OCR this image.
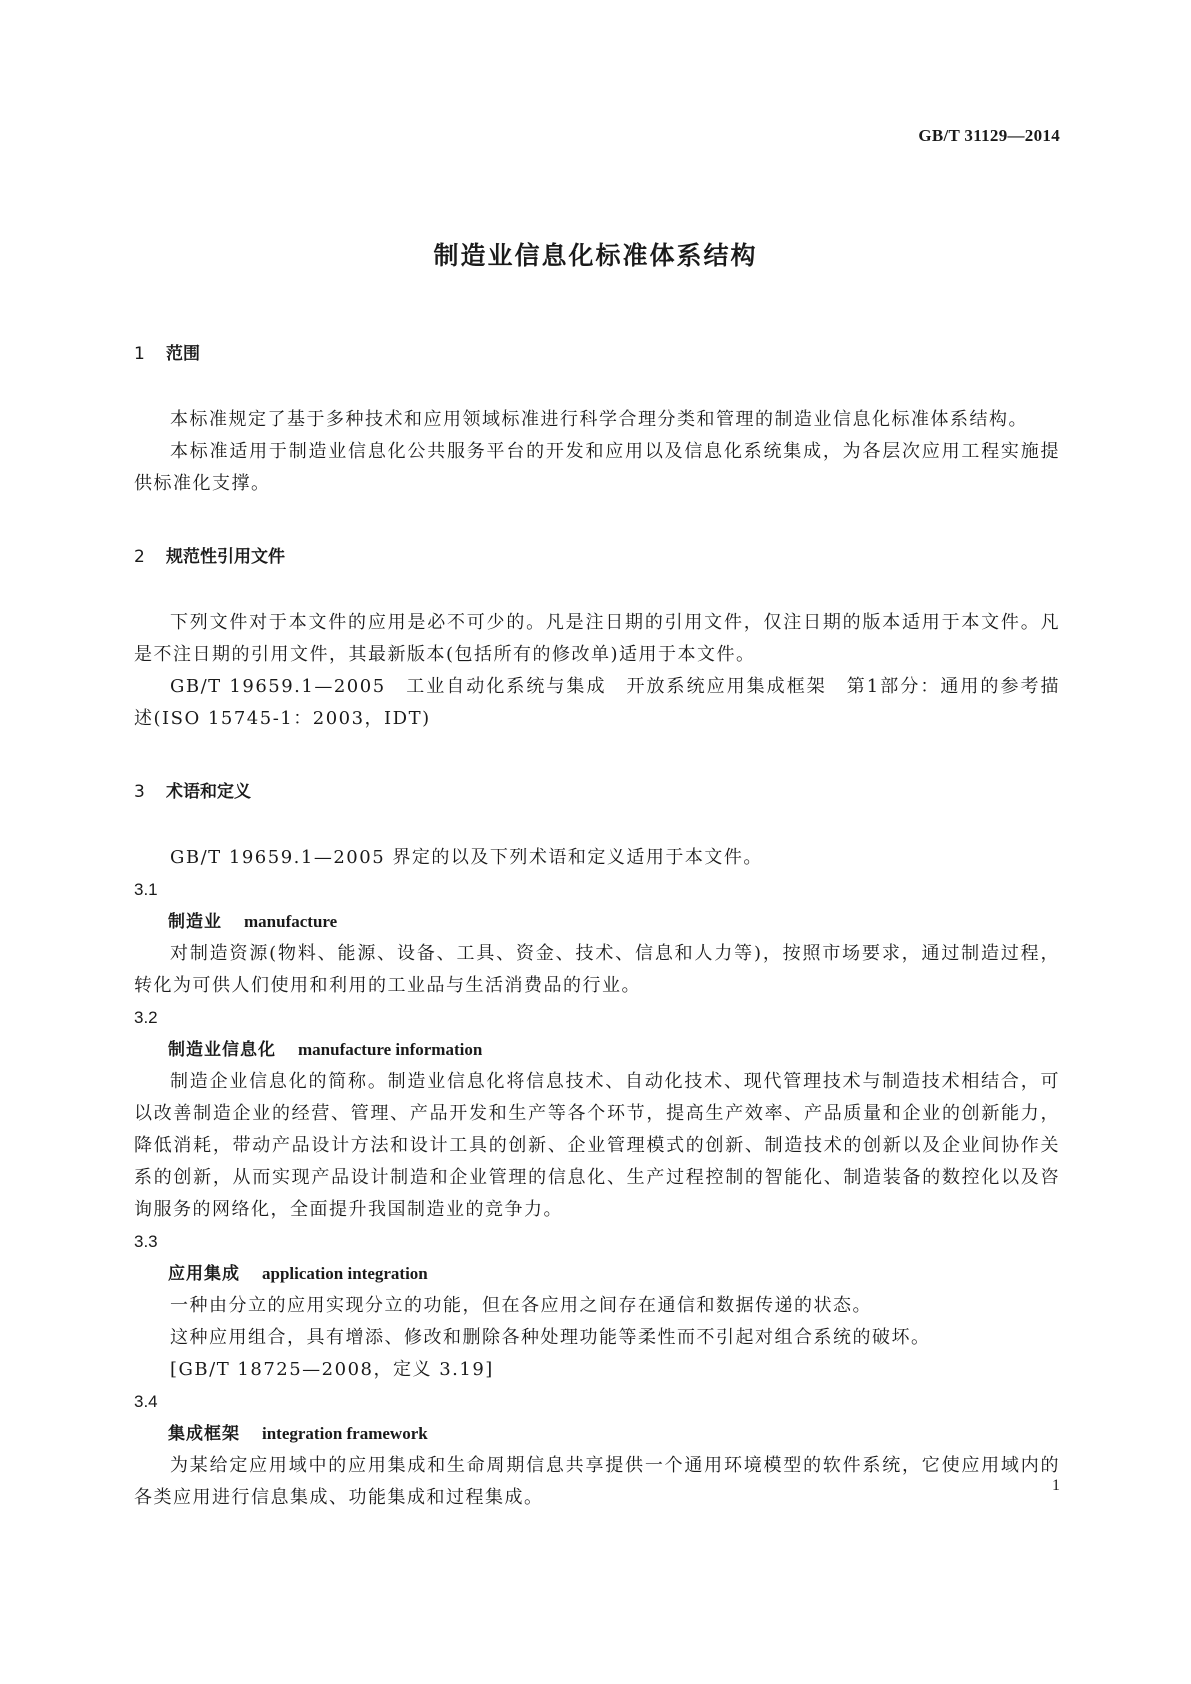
GB/T 31129—2014
制造业信息化标准体系结构
1 范围

本标准规定了基于多种技术和应用领域标准进行科学合理分类和管理的制造业信息化标准体系结构。

本标准适用于制造业信息化公共服务平台的开发和应用以及信息化系统集成，为各层次应用工程实施提供标准化支撑。

2 规范性引用文件

下列文件对于本文件的应用是必不可少的。凡是注日期的引用文件，仅注日期的版本适用于本文件。凡是不注日期的引用文件，其最新版本(包括所有的修改单)适用于本文件。

GB/T 19659.1—2005　工业自动化系统与集成　开放系统应用集成框架　第1部分：通用的参考描述(ISO 15745-1：2003，IDT)

3 术语和定义

GB/T 19659.1—2005 界定的以及下列术语和定义适用于本文件。

3.1

制造业 manufacture

对制造资源(物料、能源、设备、工具、资金、技术、信息和人力等)，按照市场要求，通过制造过程，转化为可供人们使用和利用的工业品与生活消费品的行业。

3.2

制造业信息化 manufacture information

制造企业信息化的简称。制造业信息化将信息技术、自动化技术、现代管理技术与制造技术相结合，可以改善制造企业的经营、管理、产品开发和生产等各个环节，提高生产效率、产品质量和企业的创新能力，降低消耗，带动产品设计方法和设计工具的创新、企业管理模式的创新、制造技术的创新以及企业间协作关系的创新，从而实现产品设计制造和企业管理的信息化、生产过程控制的智能化、制造装备的数控化以及咨询服务的网络化，全面提升我国制造业的竞争力。

3.3

应用集成 application integration

一种由分立的应用实现分立的功能，但在各应用之间存在通信和数据传递的状态。

这种应用组合，具有增添、修改和删除各种处理功能等柔性而不引起对组合系统的破坏。

[GB/T 18725—2008，定义 3.19]

3.4

集成框架 integration framework

为某给定应用域中的应用集成和生命周期信息共享提供一个通用环境模型的软件系统，它使应用域内的各类应用进行信息集成、功能集成和过程集成。

1
